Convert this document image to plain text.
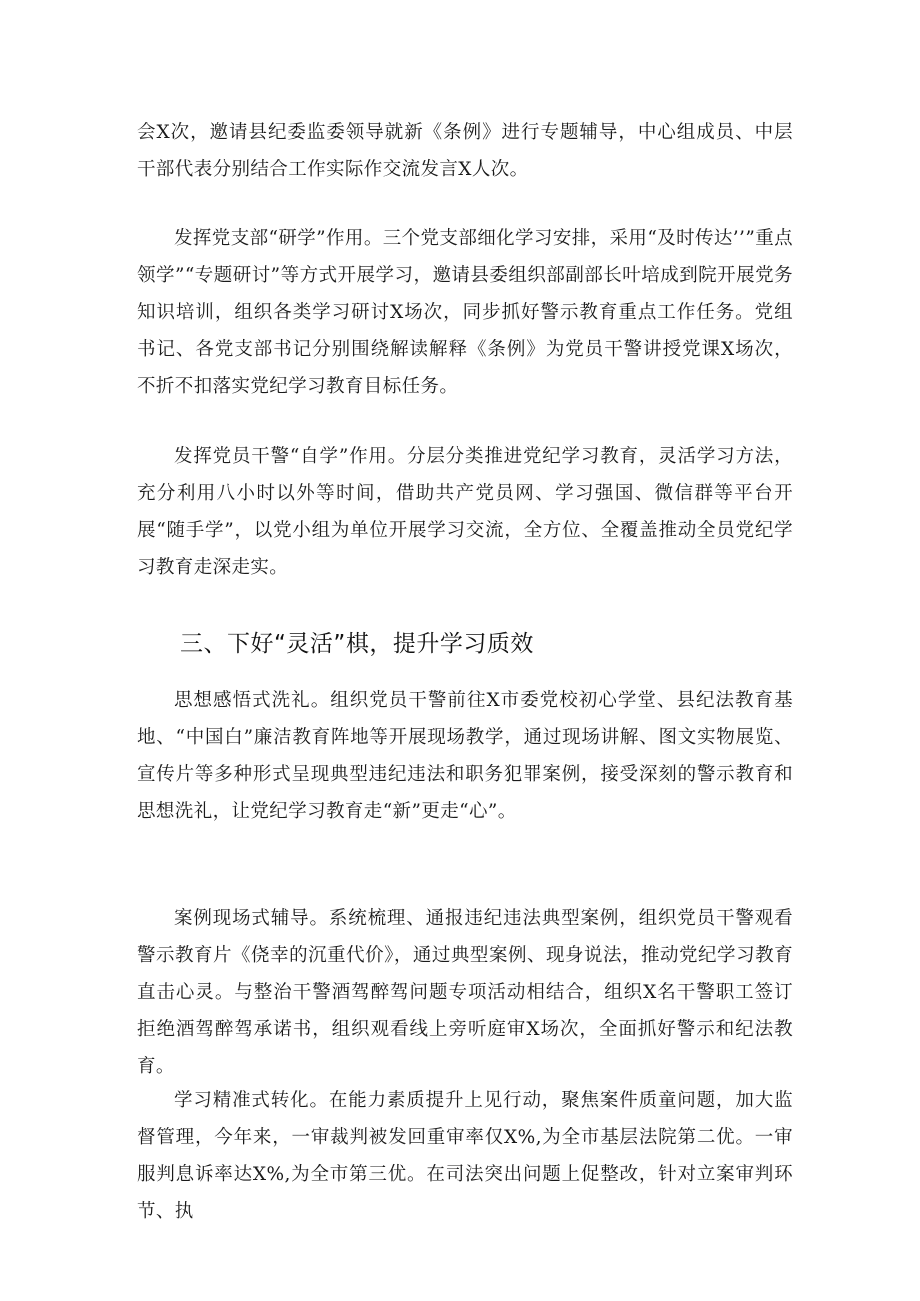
会X次，邀请县纪委监委领导就新《条例》进行专题辅导，中心组成员、中层干部代表分别结合工作实际作交流发言X人次。

发挥党支部“研学”作用。三个党支部细化学习安排，采用“及时传达’’”重点领学”“专题研讨”等方式开展学习，邀请县委组织部副部长叶培成到院开展党务知识培训，组织各类学习研讨X场次，同步抓好警示教育重点工作任务。党组书记、各党支部书记分别围绕解读解释《条例》为党员干警讲授党课X场次，不折不扣落实党纪学习教育目标任务。

发挥党员干警“自学”作用。分层分类推进党纪学习教育，灵活学习方法，充分利用八小时以外等时间，借助共产党员网、学习强国、微信群等平台开展“随手学”，以党小组为单位开展学习交流，全方位、全覆盖推动全员党纪学习教育走深走实。

三、下好“灵活”棋，提升学习质效

思想感悟式洗礼。组织党员干警前往X市委党校初心学堂、县纪法教育基地、“中国白”廉洁教育阵地等开展现场教学，通过现场讲解、图文实物展览、宣传片等多种形式呈现典型违纪违法和职务犯罪案例，接受深刻的警示教育和思想洗礼，让党纪学习教育走“新”更走“心”。

案例现场式辅导。系统梳理、通报违纪违法典型案例，组织党员干警观看警示教育片《侥幸的沉重代价》，通过典型案例、现身说法，推动党纪学习教育直击心灵。与整治干警酒驾醉驾问题专项活动相结合，组织X名干警职工签订拒绝酒驾醉驾承诺书，组织观看线上旁听庭审X场次，全面抓好警示和纪法教育。

学习精准式转化。在能力素质提升上见行动，聚焦案件质童问题，加大监督管理，今年来，一审裁判被发回重审率仅X%,为全市基层法院第二优。一审服判息诉率达X%,为全市第三优。在司法突出问题上促整改，针对立案审判环节、执
